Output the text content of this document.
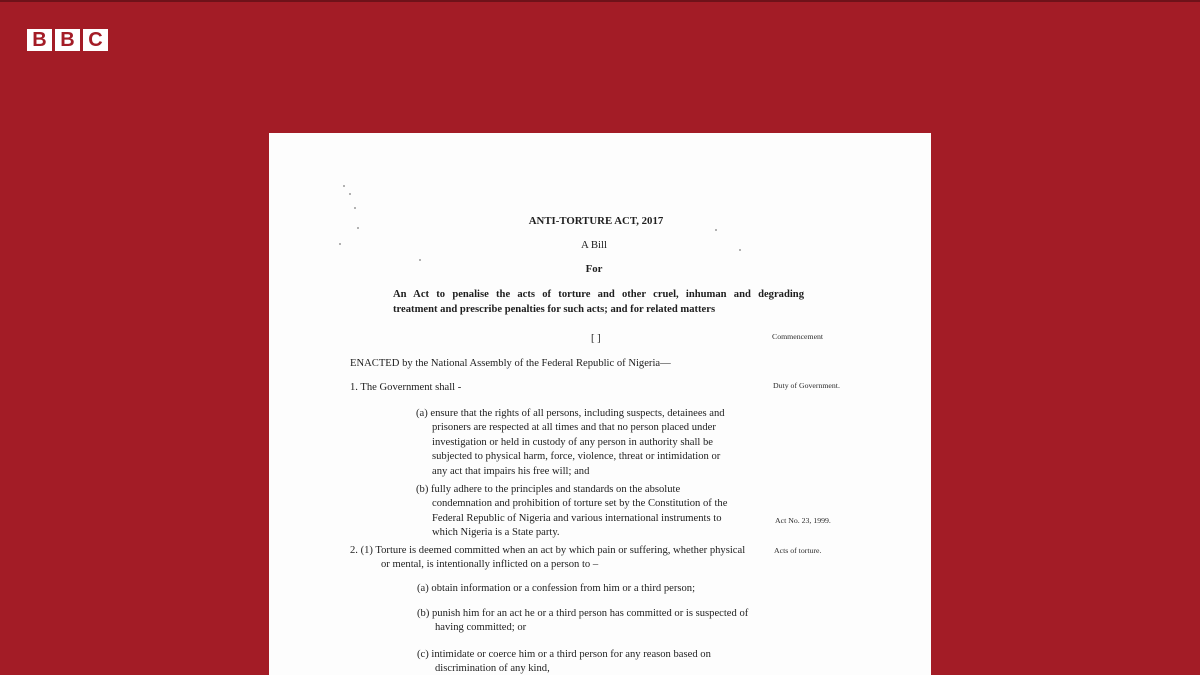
B B C
ANTI-TORTURE ACT, 2017
A Bill
For
An Act to penalise the acts of torture and other cruel, inhuman and degrading
treatment and prescribe penalties for such acts; and for related matters
[ ]	Commencement
ENACTED by the National Assembly of the Federal Republic of Nigeria—
1. The Government shall -	Duty of Government.
(a) ensure that the rights of all persons, including suspects, detainees and
prisoners are respected at all times and that no person placed under
investigation or held in custody of any person in authority shall be
subjected to physical harm, force, violence, threat or intimidation or
any act that impairs his free will; and
(b) fully adhere to the principles and standards on the absolute
condemnation and prohibition of torture set by the Constitution of the
Federal Republic of Nigeria and various international instruments to
which Nigeria is a State party.
Act No. 23, 1999.
2. (1) Torture is deemed committed when an act by which pain or suffering, whether physical
or mental, is intentionally inflicted on a person to –
Acts of torture.
(a) obtain information or a confession from him or a third person;
(b) punish him for an act he or a third person has committed or is suspected of
having committed; or
(c) intimidate or coerce him or a third person for any reason based on
discrimination of any kind,
